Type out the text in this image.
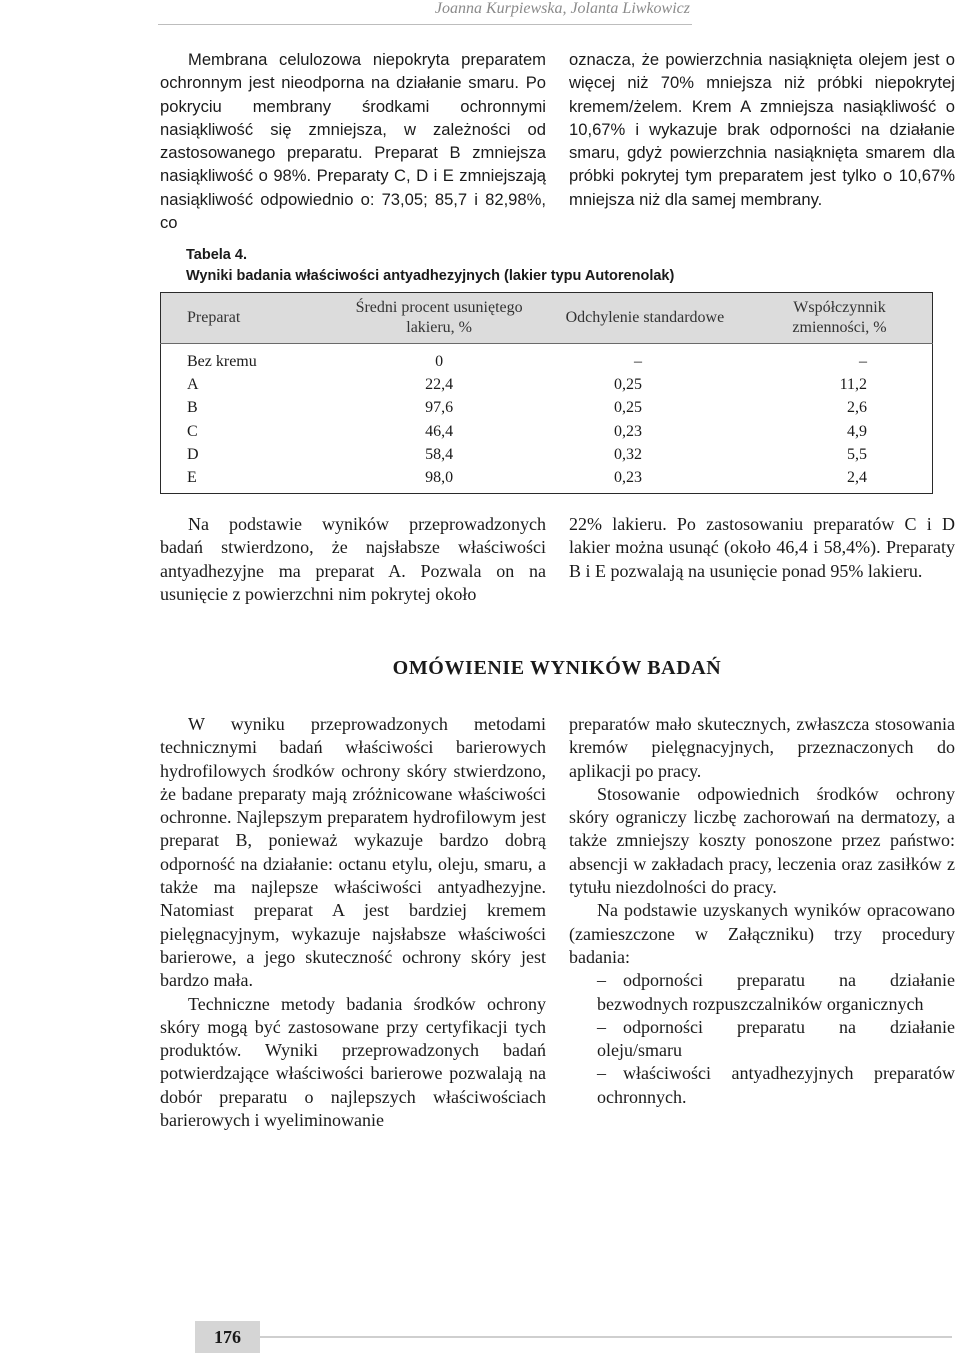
Joanna Kurpiewska, Jolanta Liwkowicz

Membrana celulozowa niepokryta preparatem ochronnym jest nieodporna na działanie smaru. Po pokryciu membrany środkami ochronnymi nasiąkliwość się zmniejsza, w zależności od zastosowanego preparatu. Preparat B zmniejsza nasiąkliwość o 98%. Preparaty C, D i E zmniejszają nasiąkliwość odpowiednio o: 73,05; 85,7 i 82,98%, co

oznacza, że powierzchnia nasiąknięta olejem jest o więcej niż 70% mniejsza niż próbki niepokrytej kremem/żelem. Krem A zmniejsza nasiąkliwość o 10,67% i wykazuje brak odporności na działanie smaru, gdyż powierzchnia nasiąknięta smarem dla próbki pokrytej tym preparatem jest tylko o 10,67% mniejsza niż dla samej membrany.

Tabela 4.
Wyniki badania właściwości antyadhezyjnych (lakier typu Autorenolak)
Preparat	Średni procent usuniętego lakieru, %	Odchylenie standardowe	Współczynnik zmienności, %
Bez kremu	0	–	–
A	22,4	0,25	11,2
B	97,6	0,25	2,6
C	46,4	0,23	4,9
D	58,4	0,32	5,5
E	98,0	0,23	2,4

Na podstawie wyników przeprowadzonych badań stwierdzono, że najsłabsze właściwości antyadhezyjne ma preparat A. Pozwala on na usunięcie z powierzchni nim pokrytej około

22% lakieru. Po zastosowaniu preparatów C i D lakier można usunąć (około 46,4 i 58,4%). Preparaty B i E pozwalają na usunięcie ponad 95% lakieru.

OMÓWIENIE WYNIKÓW BADAŃ

W wyniku przeprowadzonych metodami technicznymi badań właściwości barierowych hydrofilowych środków ochrony skóry stwierdzono, że badane preparaty mają zróżnicowane właściwości ochronne. Najlepszym preparatem hydrofilowym jest preparat B, ponieważ wykazuje bardzo dobrą odporność na działanie: octanu etylu, oleju, smaru, a także ma najlepsze właściwości antyadhezyjne. Natomiast preparat A jest bardziej kremem pielęgnacyjnym, wykazuje najsłabsze właściwości barierowe, a jego skuteczność ochrony skóry jest bardzo mała.

Techniczne metody badania środków ochrony skóry mogą być zastosowane przy certyfikacji tych produktów. Wyniki przeprowadzonych badań potwierdzające właściwości barierowe pozwalają na dobór preparatu o najlepszych właściwościach barierowych i wyeliminowanie

preparatów mało skutecznych, zwłaszcza stosowania kremów pielęgnacyjnych, przeznaczonych do aplikacji po pracy.

Stosowanie odpowiednich środków ochrony skóry ograniczy liczbę zachorowań na dermatozy, a także zmniejszy koszty ponoszone przez państwo: absencji w zakładach pracy, leczenia oraz zasiłków z tytułu niezdolności do pracy.

Na podstawie uzyskanych wyników opracowano (zamieszczone w Załączniku) trzy procedury badania:

– odporności preparatu na działanie bezwodnych rozpuszczalników organicznych

– odporności preparatu na działanie oleju/smaru

– właściwości antyadhezyjnych preparatów ochronnych.

176
